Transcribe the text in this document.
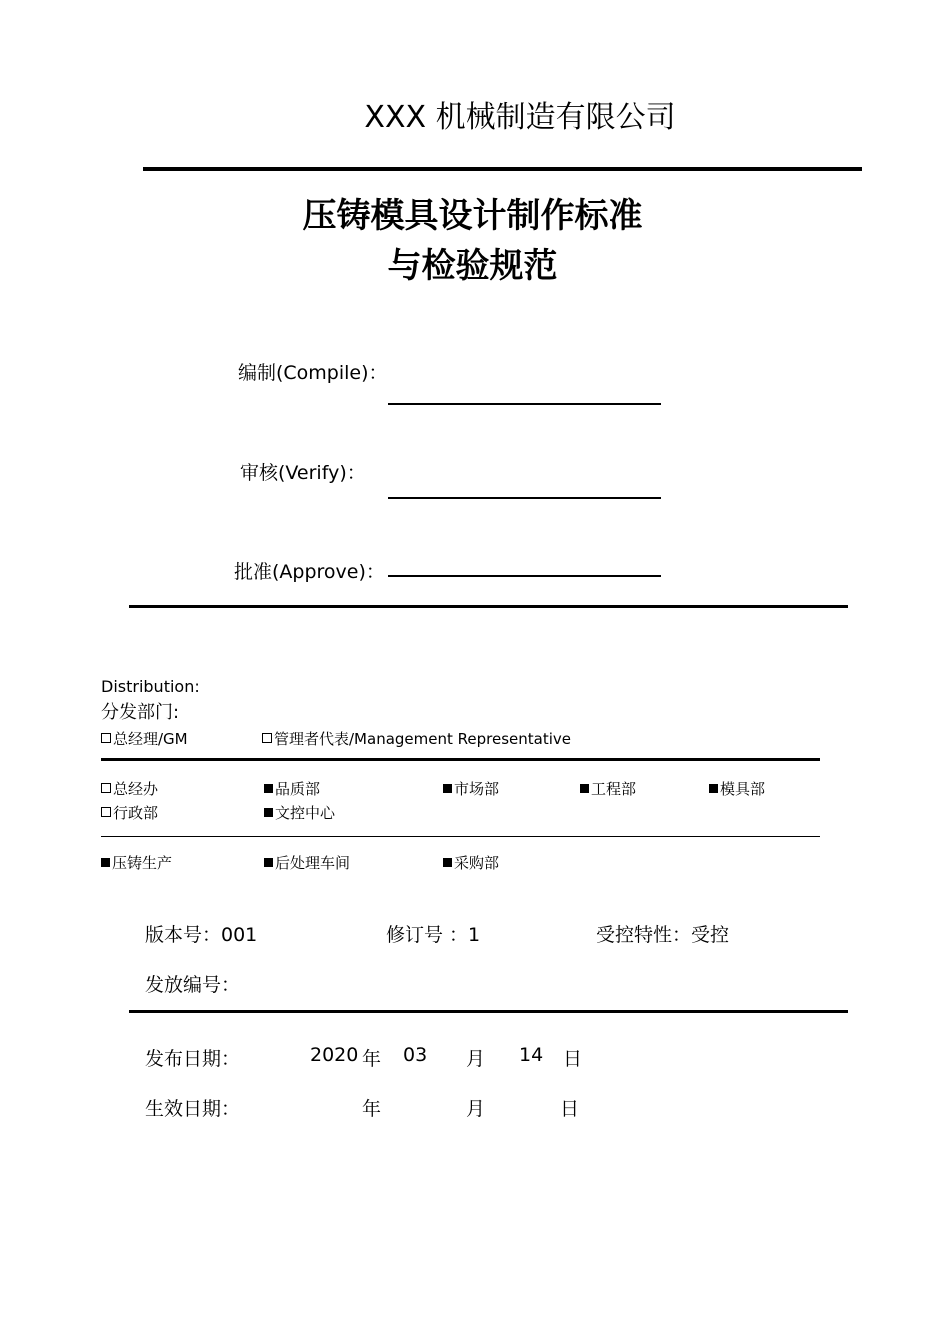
XXX 机械制造有限公司
压铸模具设计制作标准
与检验规范
编制(Compile)：
审核(Verify)：
批准(Approve)：
Distribution:
分发部门:
总经理/GM	管理者代表/Management Representative
总经办	品质部	市场部	工程部	模具部
行政部	文控中心
压铸生产	后处理车间	采购部
版本号：001	修订号 ：1	受控特性：受控
发放编号：
发布日期：	2020 年 03 月 14 日
生效日期：	年	月	日
